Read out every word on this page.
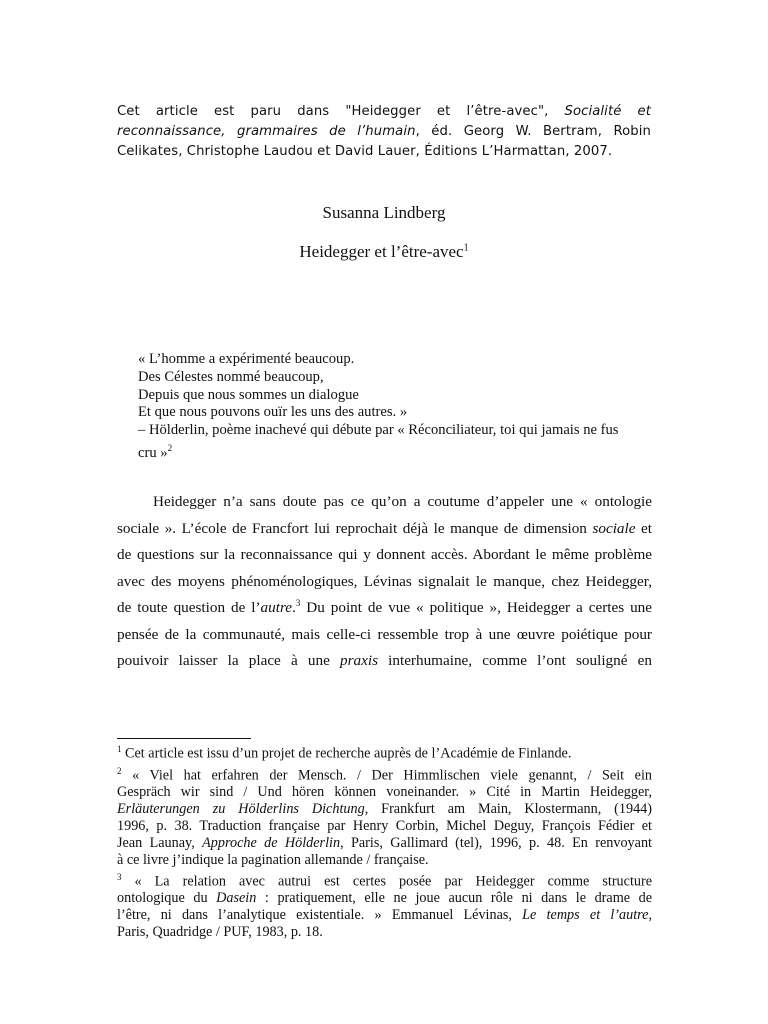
Cet article est paru dans "Heidegger et l’être-avec", Socialité et reconnaissance, grammaires de l’humain, éd. Georg W. Bertram, Robin Celikates, Christophe Laudou et David Lauer, Éditions L’Harmattan, 2007.
Susanna Lindberg
Heidegger et l’être-avec$^1$
« L’homme a expérimenté beaucoup.
Des Célestes nommé beaucoup,
Depuis que nous sommes un dialogue
Et que nous pouvons ouïr les uns des autres. »
– Hölderlin, poème inachevé qui débute par « Réconciliateur, toi qui jamais ne fus
cru »$^2$
Heidegger n’a sans doute pas ce qu’on a coutume d’appeler une « ontologie
sociale ». L’école de Francfort lui reprochait déjà le manque de dimension sociale et
de questions sur la reconnaissance qui y donnent accès. Abordant le même problème
avec des moyens phénoménologiques, Lévinas signalait le manque, chez Heidegger,
de toute question de l’autre.$^3$ Du point de vue « politique », Heidegger a certes une
pensée de la communauté, mais celle-ci ressemble trop à une œuvre poiétique pour
pouivoir laisser la place à une praxis interhumaine, comme l’ont souligné en
$^1$ Cet article est issu d’un projet de recherche auprès de l’Académie de Finlande.
$^2$ « Viel hat erfahren der Mensch. / Der Himmlischen viele genannt, / Seit ein
Gespräch wir sind / Und hören können voneinander. » Cité in Martin Heidegger,
Erläuterungen zu Hölderlins Dichtung, Frankfurt am Main, Klostermann, (1944)
1996, p. 38. Traduction française par Henry Corbin, Michel Deguy, François Fédier et
Jean Launay, Approche de Hölderlin, Paris, Gallimard (tel), 1996, p. 48. En renvoyant
à ce livre j’indique la pagination allemande / française.
$^3$ « La relation avec autrui est certes posée par Heidegger comme structure
ontologique du Dasein : pratiquement, elle ne joue aucun rôle ni dans le drame de
l’être, ni dans l’analytique existentiale. » Emmanuel Lévinas, Le temps et l’autre,
Paris, Quadridge / PUF, 1983, p. 18.
